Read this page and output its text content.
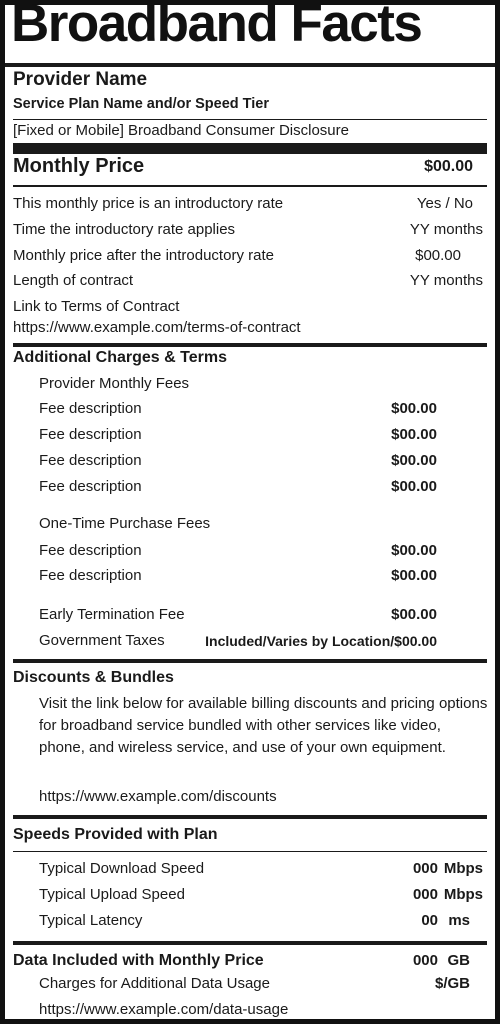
Broadband Facts
Provider Name
Service Plan Name and/or Speed Tier
[Fixed or Mobile] Broadband Consumer Disclosure
Monthly Price	$00.00
This monthly price is an introductory rate	Yes / No
Time the introductory rate applies	YY months
Monthly price after the introductory rate	$00.00
Length of contract	YY months
Link to Terms of Contract
https://www.example.com/terms-of-contract
Additional Charges & Terms
Provider Monthly Fees
Fee description	$00.00
Fee description	$00.00
Fee description	$00.00
Fee description	$00.00
One-Time Purchase Fees
Fee description	$00.00
Fee description	$00.00
Early Termination Fee	$00.00
Government Taxes	Included/Varies by Location/$00.00
Discounts & Bundles
Visit the link below for available billing discounts and pricing options for broadband service bundled with other services like video, phone, and wireless service, and use of your own equipment.
https://www.example.com/discounts
Speeds Provided with Plan
Typical Download Speed	000 Mbps
Typical Upload Speed	000 Mbps
Typical Latency	00 ms
Data Included with Monthly Price	000 GB
Charges for Additional Data Usage	$/GB
https://www.example.com/data-usage
